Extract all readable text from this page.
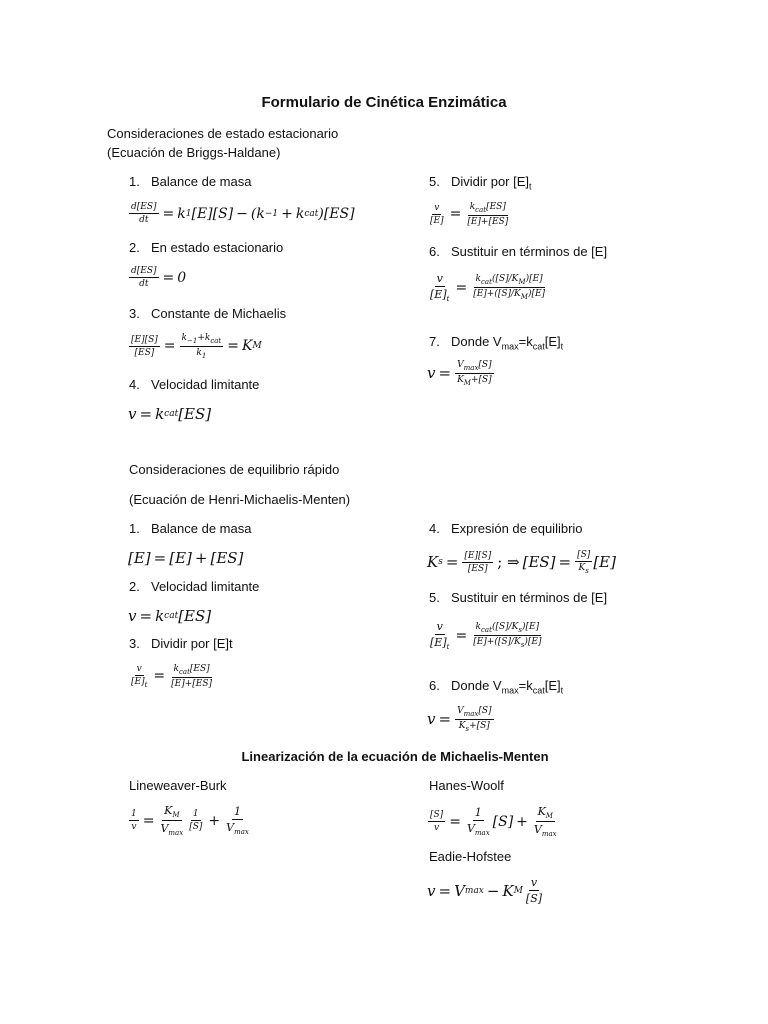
Formulario de Cinética Enzimática
Consideraciones de estado estacionario
(Ecuación de Briggs-Haldane)
1. Balance de masa
$\frac{d[ES]}{dt} = k$ 1 [E][S] − (k −1 + k cat )[ES]
2. En estado estacionario
$\frac{d[ES]}{dt} = 0$
3. Constante de Michaelis
$\frac{[E][S]}{[ES]} = \frac{k_{-1}+k_{cat}}{k_1} = K$ M
4. Velocidad limitante
v = k cat [ES]
5. Dividir por $[E]_t$
$\frac{v}{[E]} = \frac{k_{cat}[ES]}{[E]+[ES]}$
6. Sustituir en términos de [E]
$\frac{v}{[E]_t} = \frac{k_{cat}([S]/K_M)[E]}{[E]+([S]/K_M)[E]}$
7. Donde $V_{max}=k_{cat}[E]_t$
$v = \frac{V_{max}[S]}{K_M+[S]}$
Consideraciones de equilibrio rápido
(Ecuación de Henri-Michaelis-Menten)
1. Balance de masa
[E] = [E] + [ES]
2. Velocidad limitante
v = k cat [ES]
3. Dividir por [E]t
$\frac{v}{[E]_t} = \frac{k_{cat}[ES]}{[E]+[ES]}$
4. Expresión de equilibrio
K $s = \frac{[E][S]}{[ES]}$ ; ⇒ $[ES] = \frac{[S]}{K_s} [E]$
5. Sustituir en términos de [E]
$\frac{v}{[E]_t} = \frac{k_{cat}([S]/K_s)[E]}{[E]+([S]/K_s)[E]}$
6. Donde $V_{max}=k_{cat}[E]_t$
$v = \frac{V_{max}[S]}{K_s+[S]}$
Linearización de la ecuación de Michaelis-Menten
Lineweaver-Burk
$\frac{1}{v} = \frac{K_M}{V_{max}} \frac{1}{[S]} + \frac{1}{V_{max}}$
Hanes-Woolf
$\frac{[S]}{v} = \frac{1}{V_{max}} [S] + \frac{K_M}{V_{max}}$
Eadie-Hofstee
v = V max − K M $\frac{v}{[S]}$
